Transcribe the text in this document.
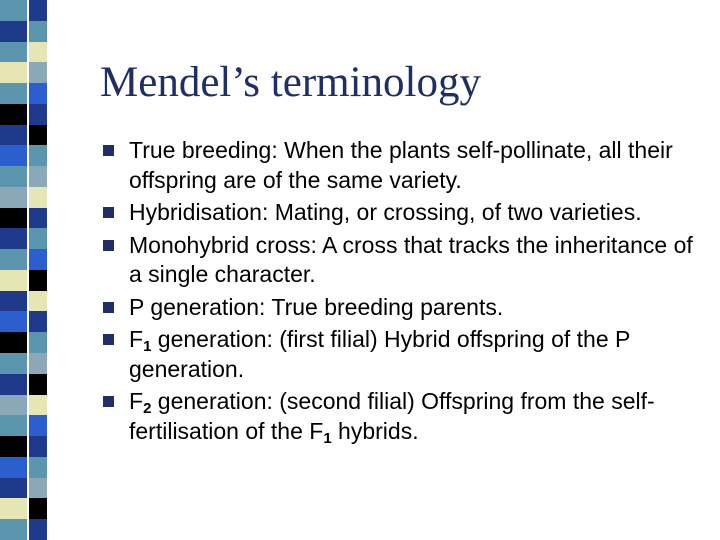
Mendel’s terminology
True breeding: When the plants self-pollinate, all their offspring are of the same variety.
Hybridisation: Mating, or crossing, of two varieties.
Monohybrid cross: A cross that tracks the inheritance of a single character.
P generation: True breeding parents.
$F_1$ generation: (first filial) Hybrid offspring of the P generation.
$F_2$ generation: (second filial) Offspring from the self-fertilisation of the $F_1$ hybrids.
